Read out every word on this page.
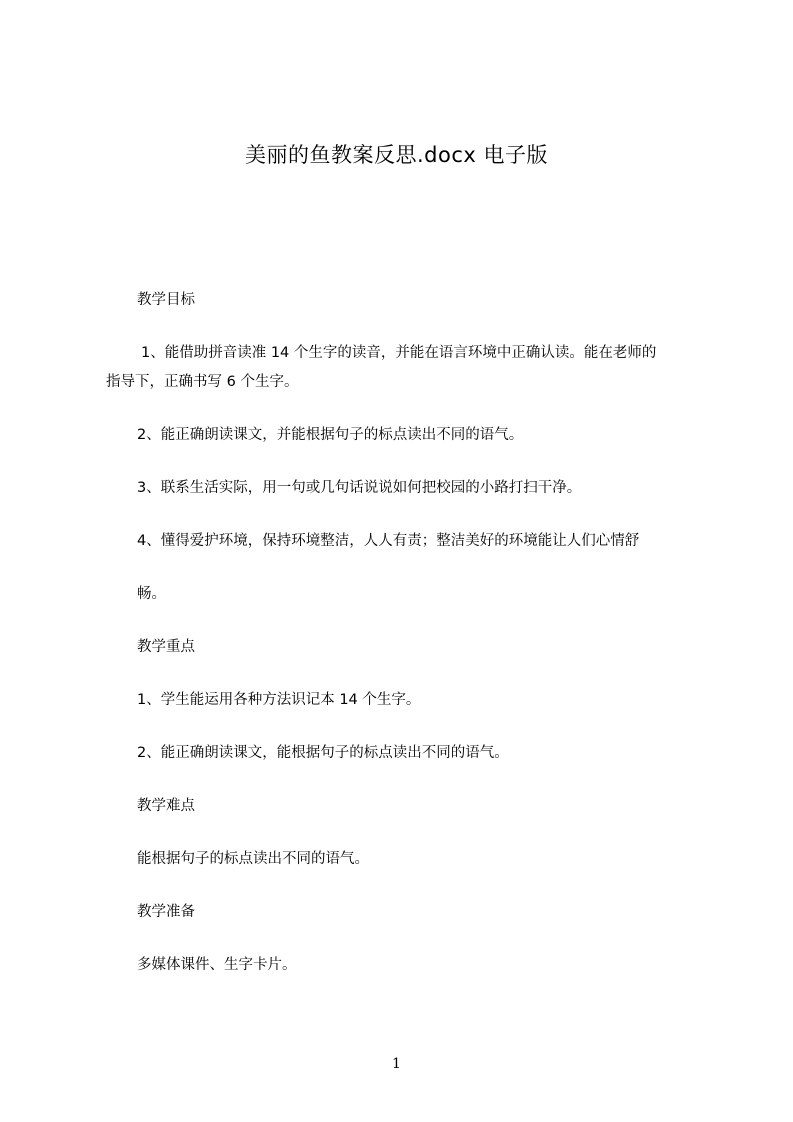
美丽的鱼教案反思.docx 电子版
教学目标
1、能借助拼音读准 14 个生字的读音，并能在语言环境中正确认读。能在老师的
指导下，正确书写 6 个生字。
2、能正确朗读课文，并能根据句子的标点读出不同的语气。
3、联系生活实际，用一句或几句话说说如何把校园的小路打扫干净。
4、懂得爱护环境，保持环境整洁，人人有责；整洁美好的环境能让人们心情舒
畅。
教学重点
1、学生能运用各种方法识记本 14 个生字。
2、能正确朗读课文，能根据句子的标点读出不同的语气。
教学难点
能根据句子的标点读出不同的语气。
教学准备
多媒体课件、生字卡片。
1
